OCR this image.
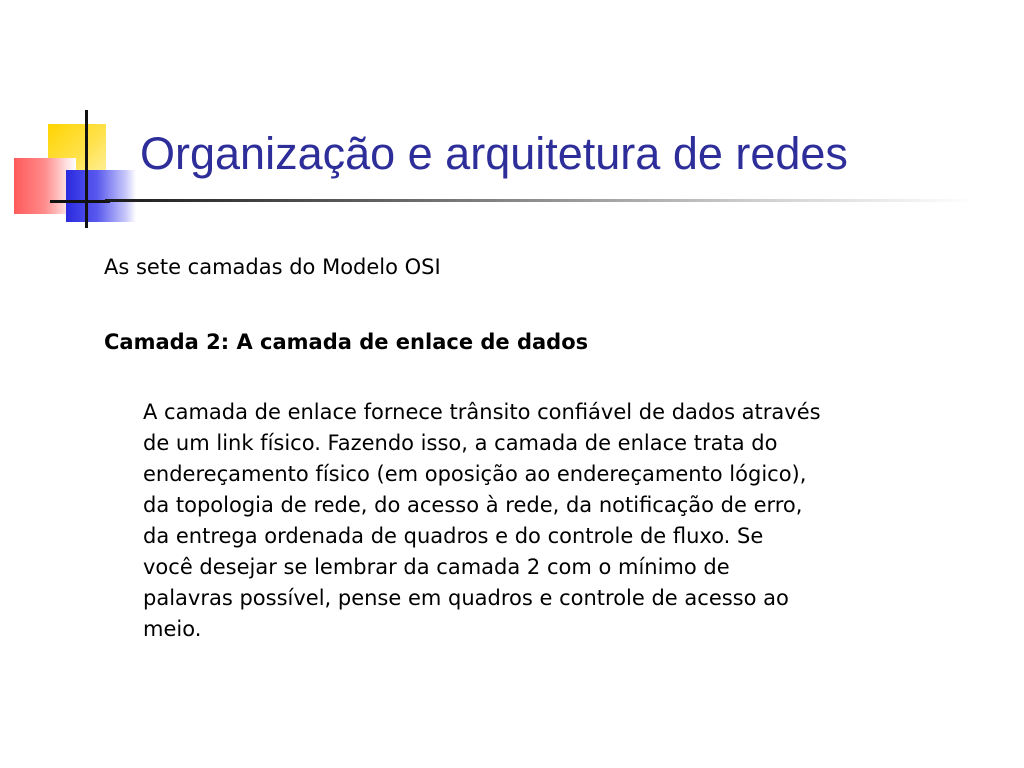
Organização e arquitetura de redes

As sete camadas do Modelo OSI

Camada 2: A camada de enlace de dados

A camada de enlace fornece trânsito confiável de dados através
de um link físico. Fazendo isso, a camada de enlace trata do
endereçamento físico (em oposição ao endereçamento lógico),
da topologia de rede, do acesso à rede, da notificação de erro,
da entrega ordenada de quadros e do controle de fluxo. Se
você desejar se lembrar da camada 2 com o mínimo de
palavras possível, pense em quadros e controle de acesso ao
meio.
